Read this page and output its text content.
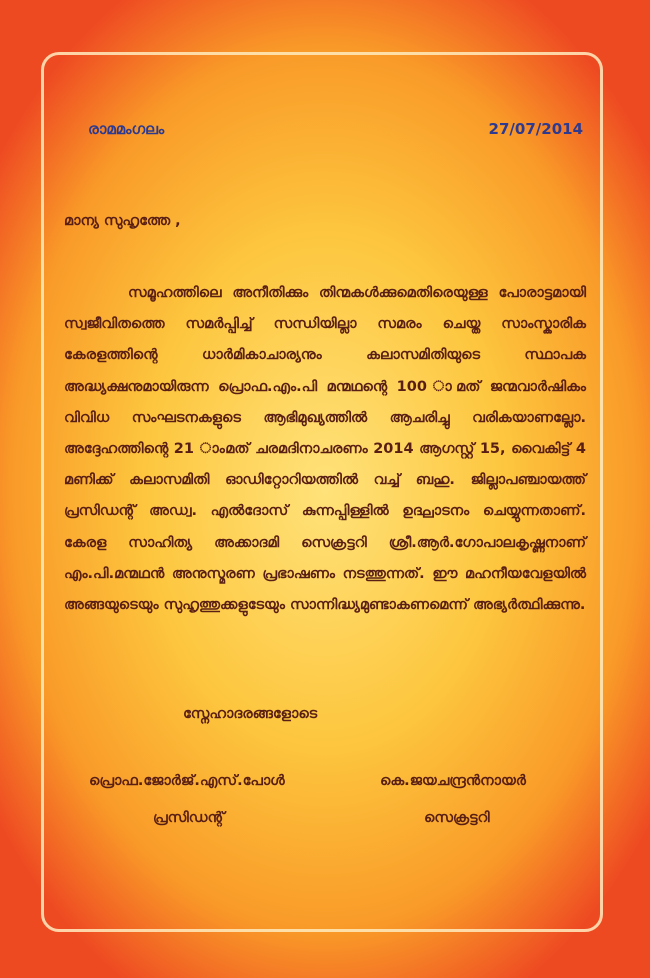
രാമമംഗലം	27/07/2014
മാന്യ സുഹൃത്തേ ,
സമൂഹത്തിലെ അനീതിക്കും തിന്മകൾക്കുമെതിരെയുള്ള പോരാട്ടമായി സ്വജീവിതത്തെ സമർപ്പിച്ച് സന്ധിയില്ലാ സമരം ചെയ്ത സാംസ്കാരിക കേരളത്തിന്റെ ധാർമികാചാര്യനും കലാസമിതിയുടെ സ്ഥാപക അദ്ധ്യക്ഷനുമായിരുന്ന പ്രൊഫ.എം.പി മന്മഥന്റെ 100 ാമത് ജന്മവാർഷികം വിവിധ സംഘടനകളുടെ ആഭിമുഖ്യത്തിൽ ആചരിച്ചു വരികയാണല്ലോ. അദ്ദേഹത്തിന്റെ 21 ാംമത് ചരമദിനാചരണം 2014 ആഗസ്റ്റ് 15, വൈകിട്ട് 4 മണിക്ക് കലാസമിതി ഓഡിറ്റോറിയത്തിൽ വച്ച് ബഹു. ജില്ലാപഞ്ചായത്ത് പ്രസിഡന്റ് അഡ്വ. എൽദോസ് കുന്നപ്പിള്ളിൽ ഉദ്ഘാടനം ചെയ്യുന്നതാണ്. കേരള സാഹിത്യ അക്കാദമി സെക്രട്ടറി ശ്രീ.ആർ.ഗോപാലകൃഷ്ണനാണ് എം.പി.മന്മഥൻ അനുസ്മരണ പ്രഭാഷണം നടത്തുന്നത്. ഈ മഹനീയവേളയിൽ അങ്ങയുടെയും സുഹൃത്തുക്കളുടേയും സാന്നിദ്ധ്യമുണ്ടാകണമെന്ന് അഭ്യർത്ഥിക്കുന്നു.
സ്നേഹാദരങ്ങളോടെ
പ്രൊഫ.ജോർജ്.എസ്.പോൾ
പ്രസിഡന്റ്
കെ.ജയചന്ദ്രൻനായർ
സെക്രട്ടറി
